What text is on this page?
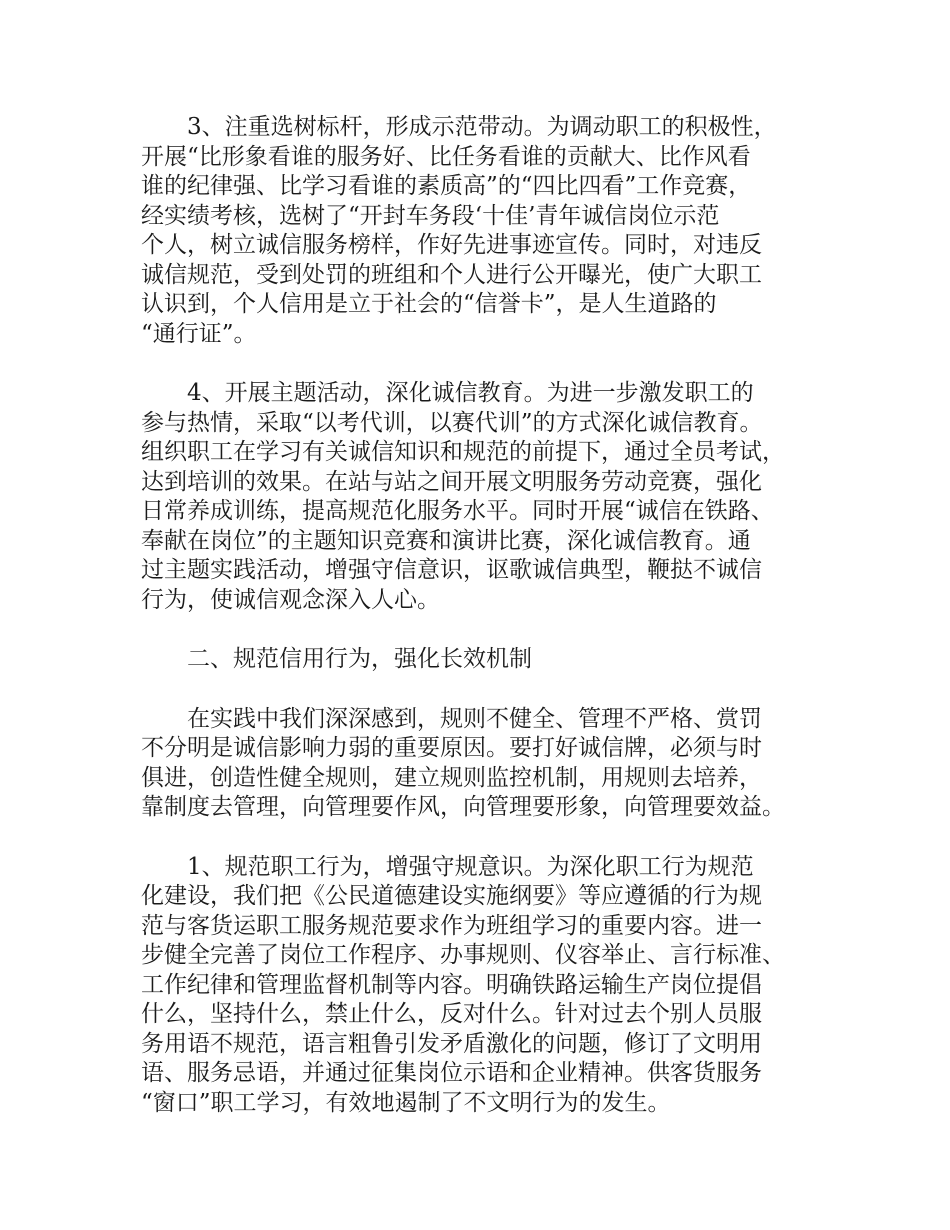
3、注重选树标杆，形成示范带动。为调动职工的积极性，
开展“比形象看谁的服务好、比任务看谁的贡献大、比作风看
谁的纪律强、比学习看谁的素质高”的“四比四看”工作竞赛，
经实绩考核，选树了“开封车务段‘十佳’青年诚信岗位示范
个人，树立诚信服务榜样，作好先进事迹宣传。同时，对违反
诚信规范，受到处罚的班组和个人进行公开曝光，使广大职工
认识到，个人信用是立于社会的“信誉卡”，是人生道路的
“通行证”。
4、开展主题活动，深化诚信教育。为进一步激发职工的
参与热情，采取“以考代训，以赛代训”的方式深化诚信教育。
组织职工在学习有关诚信知识和规范的前提下，通过全员考试，
达到培训的效果。在站与站之间开展文明服务劳动竞赛，强化
日常养成训练，提高规范化服务水平。同时开展“诚信在铁路、
奉献在岗位”的主题知识竞赛和演讲比赛，深化诚信教育。通
过主题实践活动，增强守信意识，讴歌诚信典型，鞭挞不诚信
行为，使诚信观念深入人心。
二、规范信用行为，强化长效机制
在实践中我们深深感到，规则不健全、管理不严格、赏罚
不分明是诚信影响力弱的重要原因。要打好诚信牌，必须与时
俱进，创造性健全规则，建立规则监控机制，用规则去培养，
靠制度去管理，向管理要作风，向管理要形象，向管理要效益。
1、规范职工行为，增强守规意识。为深化职工行为规范
化建设，我们把《公民道德建设实施纲要》等应遵循的行为规
范与客货运职工服务规范要求作为班组学习的重要内容。进一
步健全完善了岗位工作程序、办事规则、仪容举止、言行标准、
工作纪律和管理监督机制等内容。明确铁路运输生产岗位提倡
什么，坚持什么，禁止什么，反对什么。针对过去个别人员服
务用语不规范，语言粗鲁引发矛盾激化的问题，修订了文明用
语、服务忌语，并通过征集岗位示语和企业精神。供客货服务
“窗口”职工学习，有效地遏制了不文明行为的发生。
